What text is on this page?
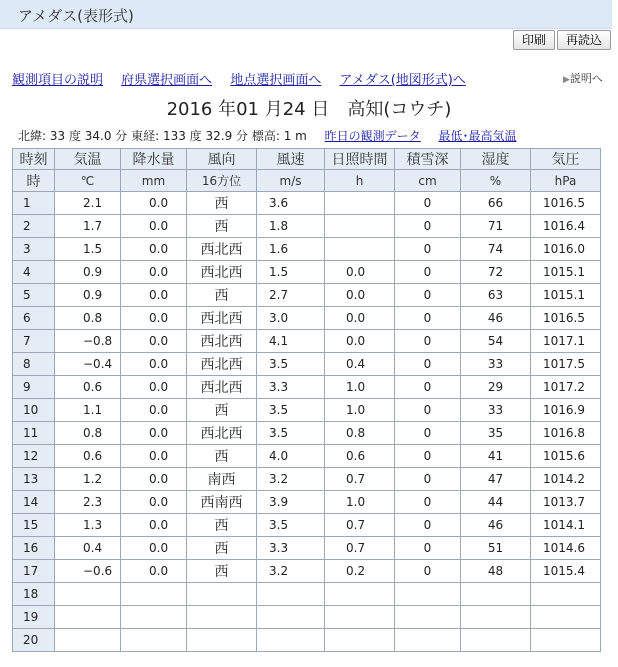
アメダス(表形式)
印刷	再読込
観測項目の説明 府県選択画面へ 地点選択画面へ アメダス(地図形式)へ	▶説明へ
2016 年01 月24 日　高知(コウチ)
北緯: 33 度 34.0 分 東経: 133 度 32.9 分 標高: 1 m 昨日の観測データ 最低･最高気温
時刻	気温	降水量	風向	風速	日照時間	積雪深	湿度	気圧
時	℃	mm	16方位	m/s	h	cm	%	hPa
1	2.1	0.0	西	3.6		0	66	1016.5
2	1.7	0.0	西	1.8		0	71	1016.4
3	1.5	0.0	西北西	1.6		0	74	1016.0
4	0.9	0.0	西北西	1.5	0.0	0	72	1015.1
5	0.9	0.0	西	2.7	0.0	0	63	1015.1
6	0.8	0.0	西北西	3.0	0.0	0	46	1016.5
7	−0.8	0.0	西北西	4.1	0.0	0	54	1017.1
8	−0.4	0.0	西北西	3.5	0.4	0	33	1017.5
9	0.6	0.0	西北西	3.3	1.0	0	29	1017.2
10	1.1	0.0	西	3.5	1.0	0	33	1016.9
11	0.8	0.0	西北西	3.5	0.8	0	35	1016.8
12	0.6	0.0	西	4.0	0.6	0	41	1015.6
13	1.2	0.0	南西	3.2	0.7	0	47	1014.2
14	2.3	0.0	西南西	3.9	1.0	0	44	1013.7
15	1.3	0.0	西	3.5	0.7	0	46	1014.1
16	0.4	0.0	西	3.3	0.7	0	51	1014.6
17	−0.6	0.0	西	3.2	0.2	0	48	1015.4
18								
19								
20								
